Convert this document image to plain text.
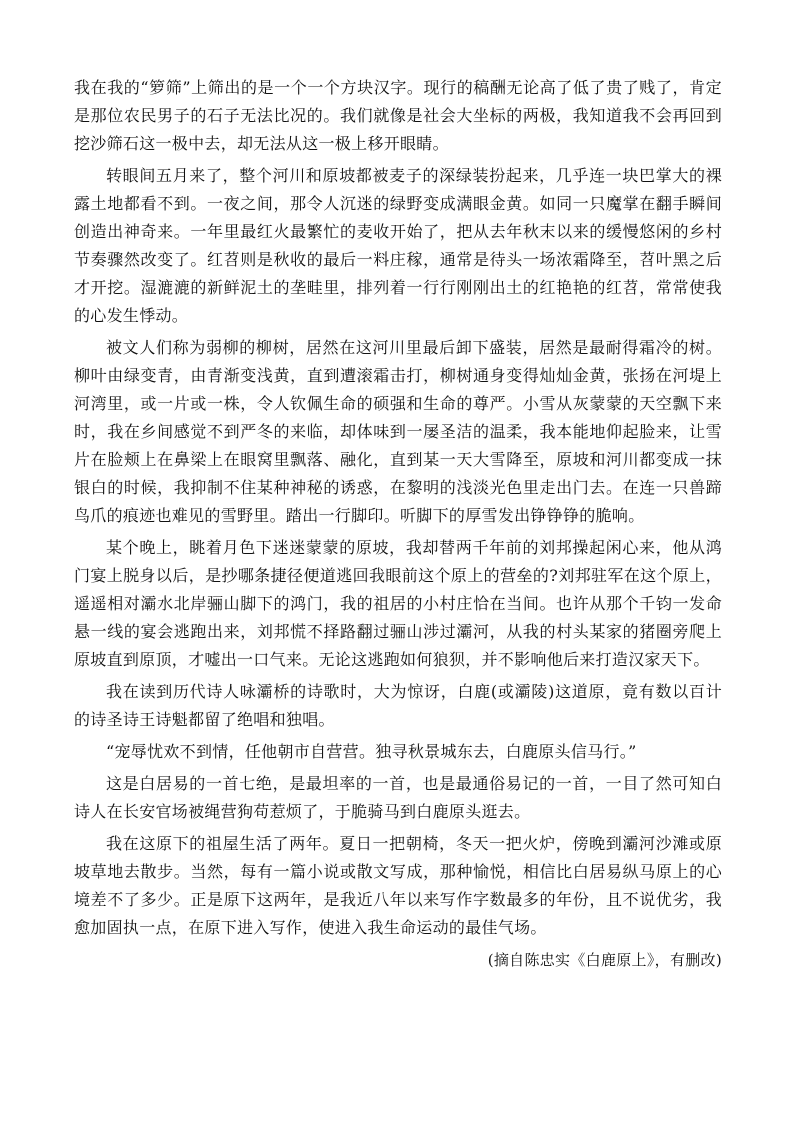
我在我的“箩筛”上筛出的是一个一个方块汉字。现行的稿酬无论高了低了贵了贱了，肯定是那位农民男子的石子无法比况的。我们就像是社会大坐标的两极，我知道我不会再回到挖沙筛石这一极中去，却无法从这一极上移开眼睛。

转眼间五月来了，整个河川和原坡都被麦子的深绿装扮起来，几乎连一块巴掌大的裸露土地都看不到。一夜之间，那令人沉迷的绿野变成满眼金黄。如同一只魔掌在翻手瞬间创造出神奇来。一年里最红火最繁忙的麦收开始了，把从去年秋末以来的缓慢悠闲的乡村节奏骤然改变了。红苕则是秋收的最后一料庄稼，通常是待头一场浓霜降至，苕叶黑之后才开挖。湿漉漉的新鲜泥土的垄畦里，排列着一行行刚刚出土的红艳艳的红苕，常常使我的心发生悸动。

被文人们称为弱柳的柳树，居然在这河川里最后卸下盛装，居然是最耐得霜冷的树。柳叶由绿变青，由青渐变浅黄，直到遭滚霜击打，柳树通身变得灿灿金黄，张扬在河堤上河湾里，或一片或一株，令人钦佩生命的硕强和生命的尊严。小雪从灰蒙蒙的天空飘下来时，我在乡间感觉不到严冬的来临，却体味到一屡圣洁的温柔，我本能地仰起脸来，让雪片在脸颊上在鼻梁上在眼窝里飘落、融化，直到某一天大雪降至，原坡和河川都变成一抹银白的时候，我抑制不住某种神秘的诱惑，在黎明的浅淡光色里走出门去。在连一只兽蹄鸟爪的痕迹也难见的雪野里。踏出一行脚印。听脚下的厚雪发出铮铮铮的脆响。

某个晚上，眺着月色下迷迷蒙蒙的原坡，我却替两千年前的刘邦操起闲心来，他从鸿门宴上脱身以后，是抄哪条捷径便道逃回我眼前这个原上的营垒的?刘邦驻军在这个原上，遥遥相对灞水北岸骊山脚下的鸿门，我的祖居的小村庄恰在当间。也许从那个千钧一发命悬一线的宴会逃跑出来，刘邦慌不择路翻过骊山涉过灞河，从我的村头某家的猪圈旁爬上原坡直到原顶，才嘘出一口气来。无论这逃跑如何狼狈，并不影响他后来打造汉家天下。

我在读到历代诗人咏灞桥的诗歌时，大为惊讶，白鹿(或灞陵)这道原，竟有数以百计的诗圣诗王诗魁都留了绝唱和独唱。

“宠辱忧欢不到情，任他朝市自营营。独寻秋景城东去，白鹿原头信马行。”

这是白居易的一首七绝，是最坦率的一首，也是最通俗易记的一首，一目了然可知白诗人在长安官场被绳营狗苟惹烦了，于脆骑马到白鹿原头逛去。

我在这原下的祖屋生活了两年。夏日一把朝椅，冬天一把火炉，傍晚到灞河沙滩或原坡草地去散步。当然，每有一篇小说或散文写成，那种愉悦，相信比白居易纵马原上的心境差不了多少。正是原下这两年，是我近八年以来写作字数最多的年份，且不说优劣，我愈加固执一点，在原下进入写作，使进入我生命运动的最佳气场。

(摘自陈忠实《白鹿原上》，有删改)
